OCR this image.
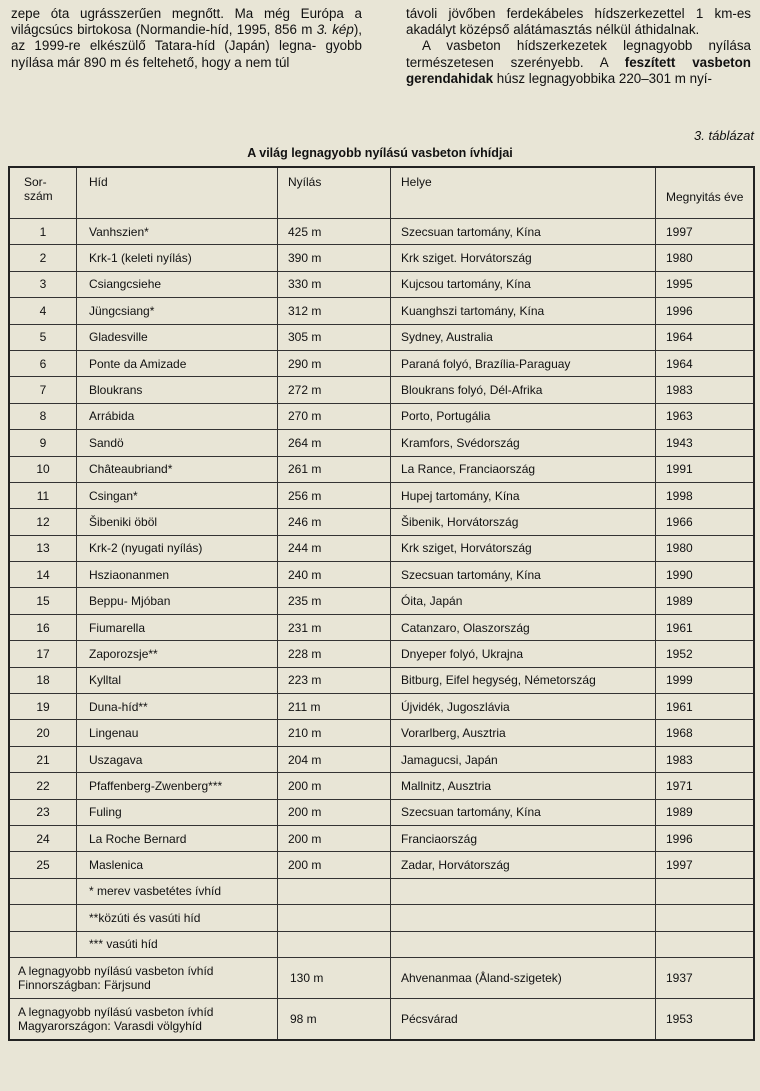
zepe óta ugrásszerűen megnőtt. Ma még Európa a világcsúcs birtokosa (Normandie-híd, 1995, 856 m 3. kép), az 1999-re elkészülő Tatara-híd (Japán) legna- gyobb nyílása már 890 m és feltehető, hogy a nem túl

távoli jövőben ferdekábeles hídszerkezettel 1 km-es akadályt középső alátámasztás nélkül áthidalnak.

A vasbeton hídszerkezetek legnagyobb nyílása természetesen szerényebb. A feszített vasbeton gerendahidak húsz legnagyobbika 220–301 m nyí-

3. táblázat
A világ legnagyobb nyílású vasbeton ívhídjai
Sor- szám	Híd	Nyílás	Helye	Megnyitás éve
1	Vanhszien*	425 m	Szecsuan tartomány, Kína	1997
2	Krk-1 (keleti nyílás)	390 m	Krk sziget. Horvátország	1980
3	Csiangcsiehe	330 m	Kujcsou tartomány, Kína	1995
4	Jüngcsiang*	312 m	Kuanghszi tartomány, Kína	1996
5	Gladesville	305 m	Sydney, Australia	1964
6	Ponte da Amizade	290 m	Paraná folyó, Brazília-Paraguay	1964
7	Bloukrans	272 m	Bloukrans folyó, Dél-Afrika	1983
8	Arrábida	270 m	Porto, Portugália	1963
9	Sandö	264 m	Kramfors, Svédország	1943
10	Châteaubriand*	261 m	La Rance, Franciaország	1991
11	Csingan*	256 m	Hupej tartomány, Kína	1998
12	Šibeniki öböl	246 m	Šibenik, Horvátország	1966
13	Krk-2 (nyugati nyílás)	244 m	Krk sziget, Horvátország	1980
14	Hsziaonanmen	240 m	Szecsuan tartomány, Kína	1990
15	Beppu- Mjóban	235 m	Óita, Japán	1989
16	Fiumarella	231 m	Catanzaro, Olaszország	1961
17	Zaporozsje**	228 m	Dnyeper folyó, Ukrajna	1952
18	Kylltal	223 m	Bitburg, Eifel hegység, Németország	1999
19	Duna-híd**	211 m	Újvidék, Jugoszlávia	1961
20	Lingenau	210 m	Vorarlberg, Ausztria	1968
21	Uszagava	204 m	Jamagucsi, Japán	1983
22	Pfaffenberg-Zwenberg***	200 m	Mallnitz, Ausztria	1971
23	Fuling	200 m	Szecsuan tartomány, Kína	1989
24	La Roche Bernard	200 m	Franciaország	1996
25	Maslenica	200 m	Zadar, Horvátország	1997
	* merev vasbetétes ívhíd			
	**közúti és vasúti híd			
	*** vasúti híd			

A legnagyobb nyílású vasbeton ívhíd
Finnországban: Färjsund		130 m	Ahvenanmaa (Åland-szigetek)	1937

A legnagyobb nyílású vasbeton ívhíd
Magyarországon: Varasdi völgyhíd		98 m	Pécsvárad	1953
